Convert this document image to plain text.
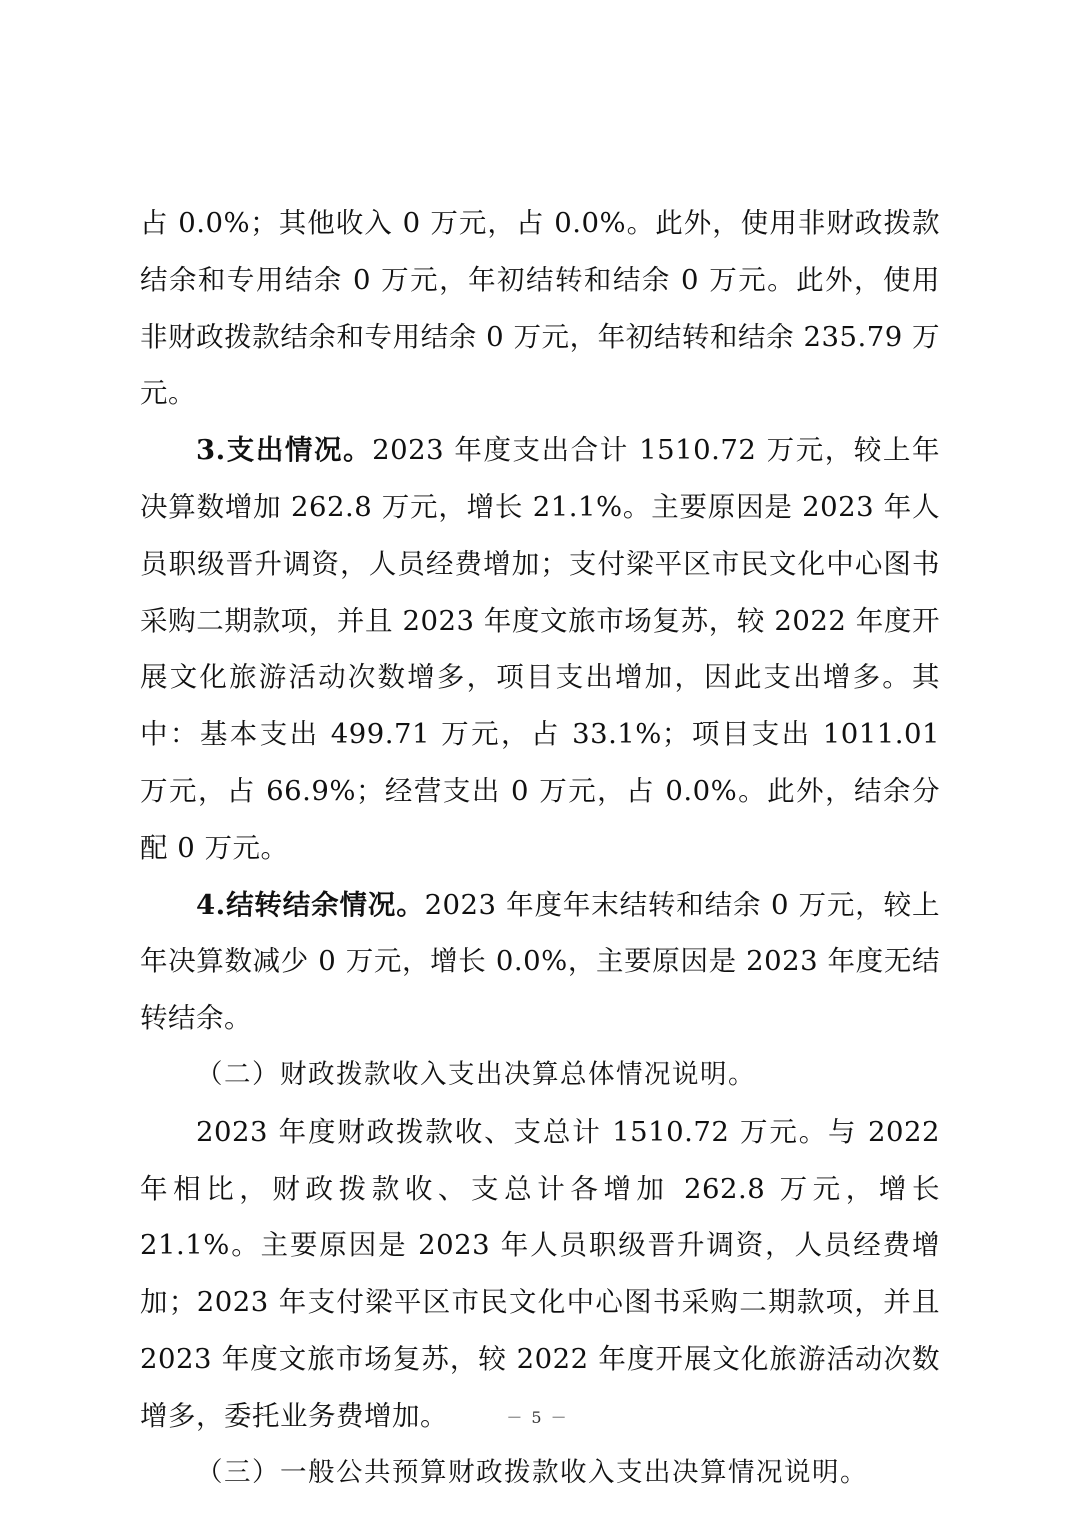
占 0.0%；其他收入 0 万元，占 0.0%。此外，使用非财政拨款结余和专用结余 0 万元，年初结转和结余 0 万元。此外，使用非财政拨款结余和专用结余 0 万元，年初结转和结余 235.79 万元。

3.支出情况。2023 年度支出合计 1510.72 万元，较上年决算数增加 262.8 万元，增长 21.1%。主要原因是 2023 年人员职级晋升调资，人员经费增加；支付梁平区市民文化中心图书采购二期款项，并且 2023 年度文旅市场复苏，较 2022 年度开展文化旅游活动次数增多，项目支出增加，因此支出增多。其中：基本支出 499.71 万元，占 33.1%；项目支出 1011.01 万元，占 66.9%；经营支出 0 万元，占 0.0%。此外，结余分配 0 万元。

4.结转结余情况。2023 年度年末结转和结余 0 万元，较上年决算数减少 0 万元，增长 0.0%，主要原因是 2023 年度无结转结余。

（二）财政拨款收入支出决算总体情况说明。

2023 年度财政拨款收、支总计 1510.72 万元。与 2022 年相比，财政拨款收、支总计各增加 262.8 万元，增长 21.1%。主要原因是 2023 年人员职级晋升调资，人员经费增加；2023 年支付梁平区市民文化中心图书采购二期款项，并且 2023 年度文旅市场复苏，较 2022 年度开展文化旅游活动次数增多，委托业务费增加。

（三）一般公共预算财政拨款收入支出决算情况说明。

－ 5 －
